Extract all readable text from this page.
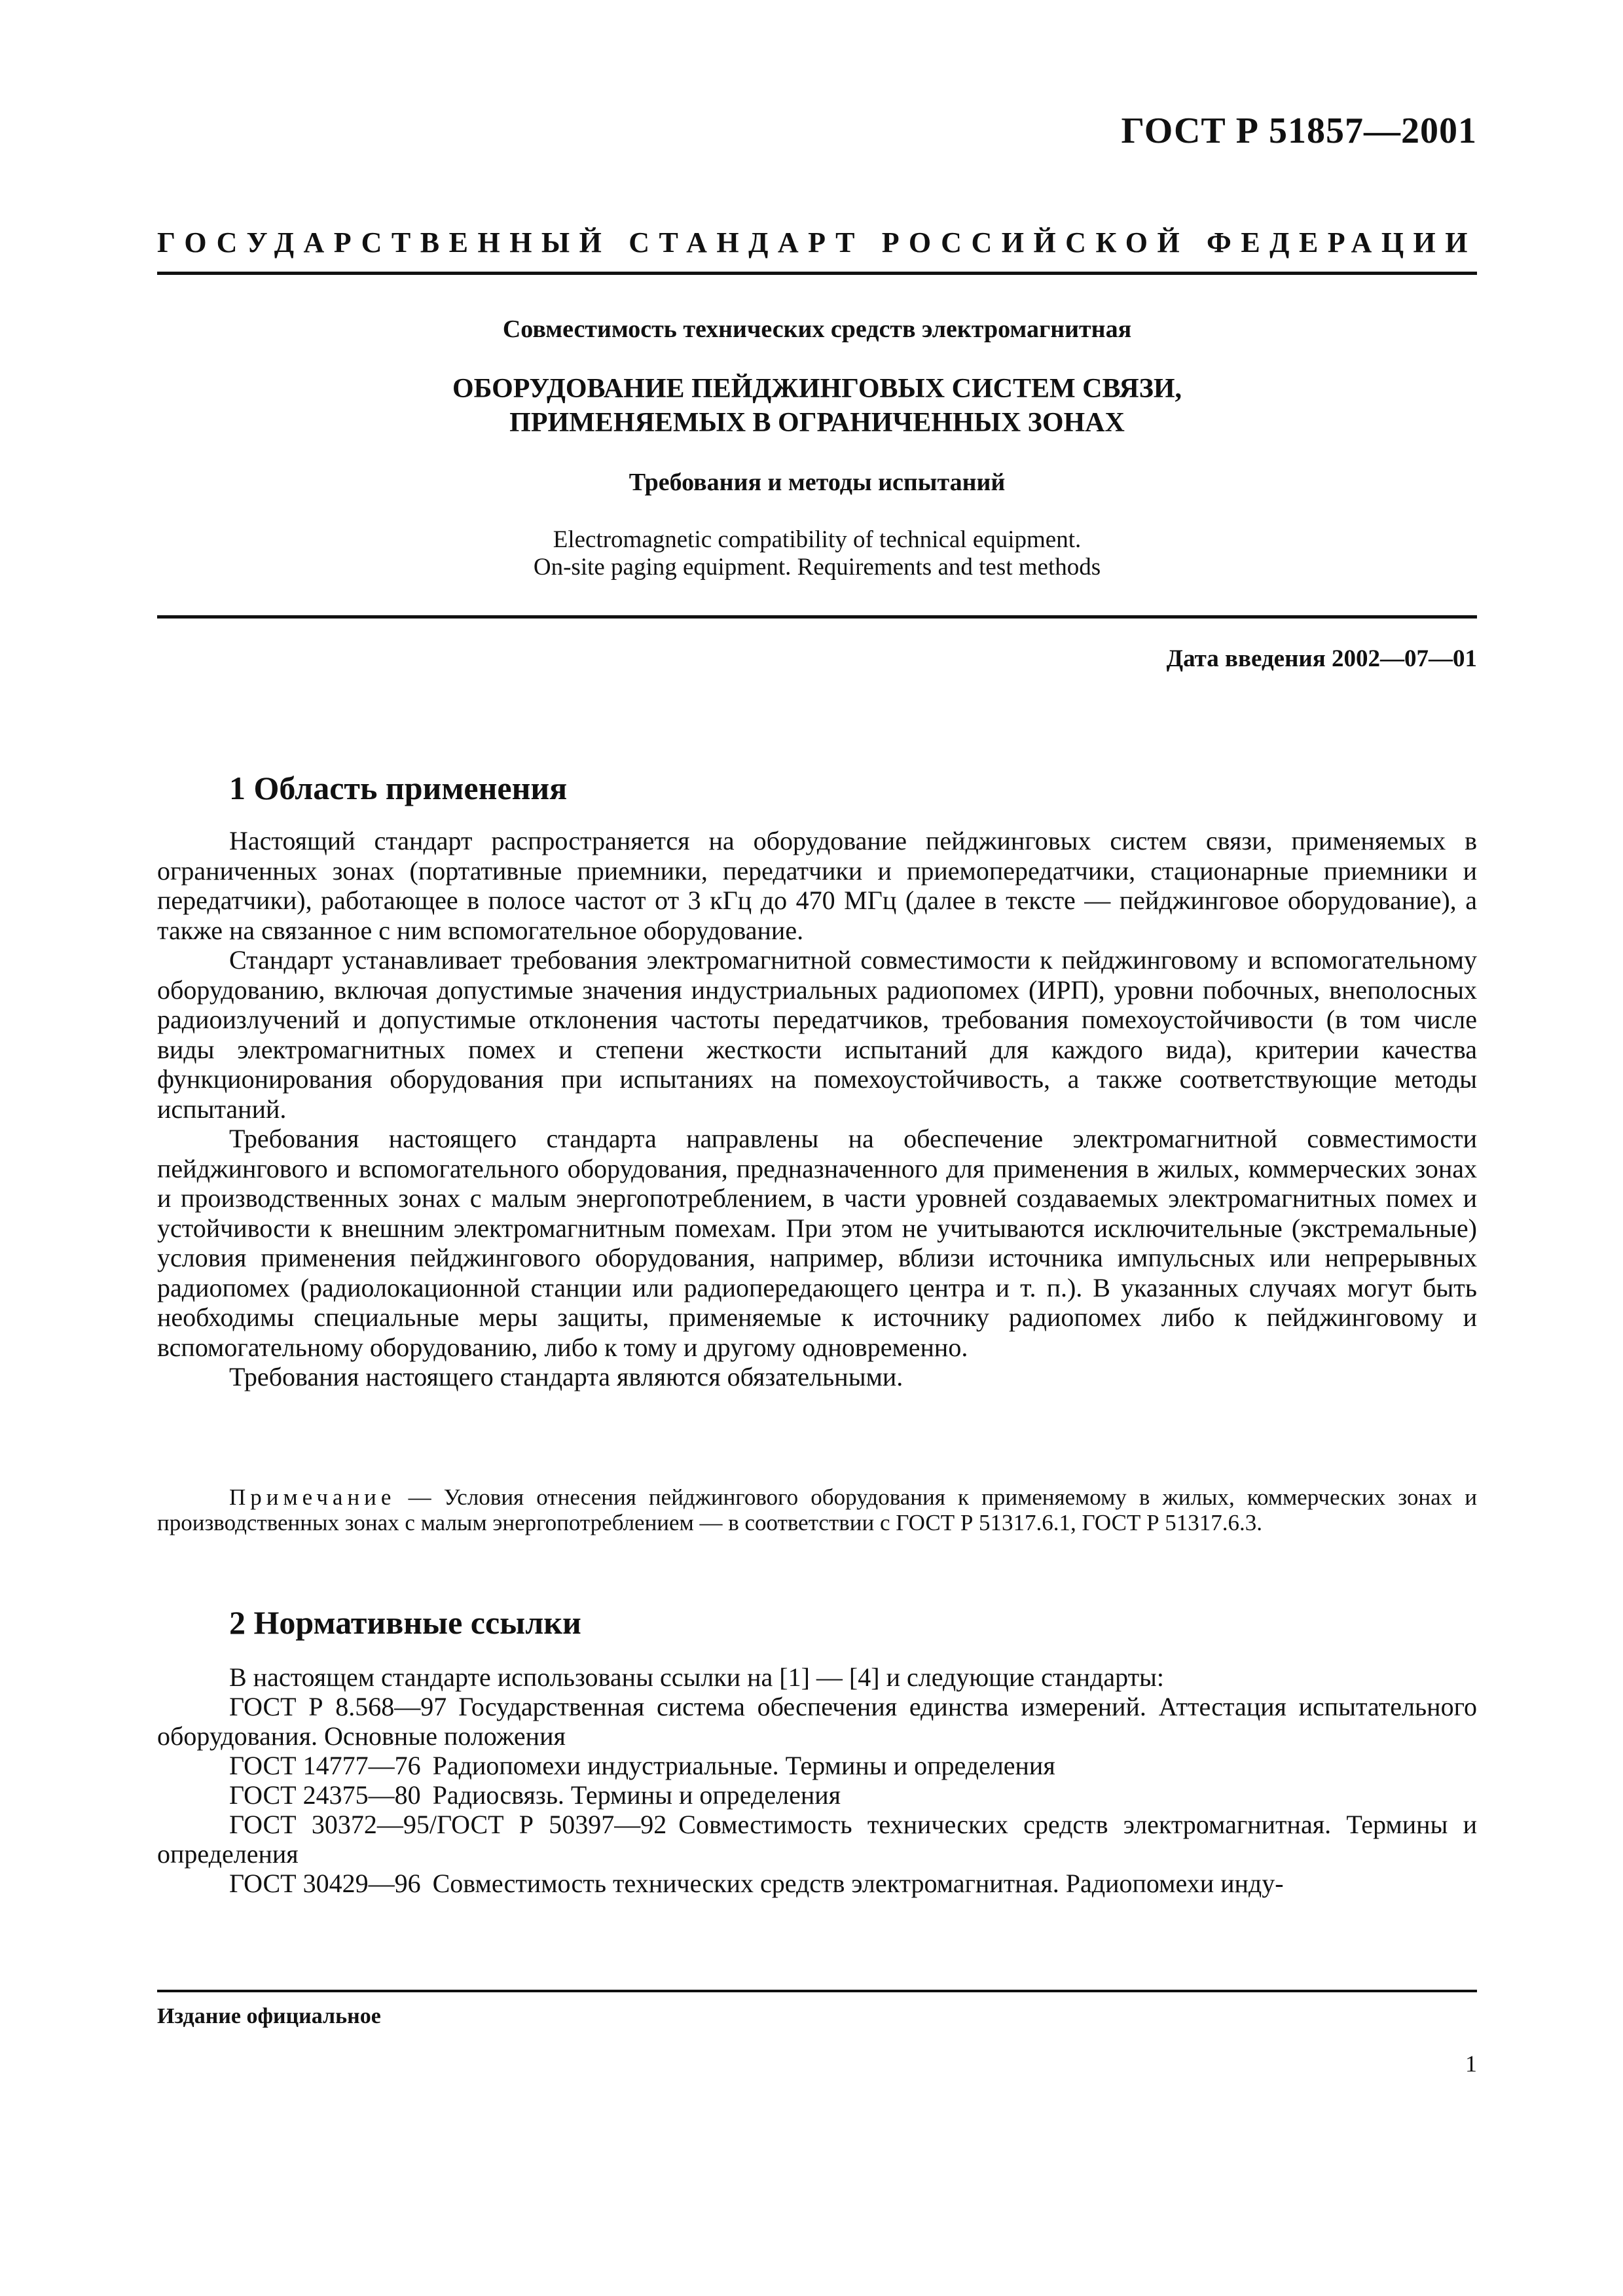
ГОСТ Р 51857—2001
ГОСУДАРСТВЕННЫЙ СТАНДАРТ РОССИЙСКОЙ ФЕДЕРАЦИИ

Совместимость технических средств электромагнитная

ОБОРУДОВАНИЕ ПЕЙДЖИНГОВЫХ СИСТЕМ СВЯЗИ,
ПРИМЕНЯЕМЫХ В ОГРАНИЧЕННЫХ ЗОНАХ

Требования и методы испытаний

Electromagnetic compatibility of technical equipment.
On-site paging equipment. Requirements and test methods

Дата введения 2002—07—01
1 Область применения

Настоящий стандарт распространяется на оборудование пейджинговых систем связи, применяемых в ограниченных зонах (портативные приемники, передатчики и приемопередатчики, стационарные приемники и передатчики), работающее в полосе частот от 3 кГц до 470 МГц (далее в тексте — пейджинговое оборудование), а также на связанное с ним вспомогательное оборудование.

Стандарт устанавливает требования электромагнитной совместимости к пейджинговому и вспомогательному оборудованию, включая допустимые значения индустриальных радиопомех (ИРП), уровни побочных, внеполосных радиоизлучений и допустимые отклонения частоты передатчиков, требования помехоустойчивости (в том числе виды электромагнитных помех и степени жесткости испытаний для каждого вида), критерии качества функционирования оборудования при испытаниях на помехоустойчивость, а также соответствующие методы испытаний.

Требования настоящего стандарта направлены на обеспечение электромагнитной совместимости пейджингового и вспомогательного оборудования, предназначенного для применения в жилых, коммерческих зонах и производственных зонах с малым энергопотреблением, в части уровней создаваемых электромагнитных помех и устойчивости к внешним электромагнитным помехам. При этом не учитываются исключительные (экстремальные) условия применения пейджингового оборудования, например, вблизи источника импульсных или непрерывных радиопомех (радиолокационной станции или радиопередающего центра и т. п.). В указанных случаях могут быть необходимы специальные меры защиты, применяемые к источнику радиопомех либо к пейджинговому и вспомогательному оборудованию, либо к тому и другому одновременно.

Требования настоящего стандарта являются обязательными.

Примечание — Условия отнесения пейджингового оборудования к применяемому в жилых, коммерческих зонах и производственных зонах с малым энергопотреблением — в соответствии с ГОСТ Р 51317.6.1, ГОСТ Р 51317.6.3.

2 Нормативные ссылки

В настоящем стандарте использованы ссылки на [1] — [4] и следующие стандарты:

ГОСТ Р 8.568—97 Государственная система обеспечения единства измерений. Аттестация испытательного оборудования. Основные положения

ГОСТ 14777—76 Радиопомехи индустриальные. Термины и определения

ГОСТ 24375—80 Радиосвязь. Термины и определения

ГОСТ 30372—95/ГОСТ Р 50397—92 Совместимость технических средств электромагнитная. Термины и определения

ГОСТ 30429—96 Совместимость технических средств электромагнитная. Радиопомехи инду-

Издание официальное
1
